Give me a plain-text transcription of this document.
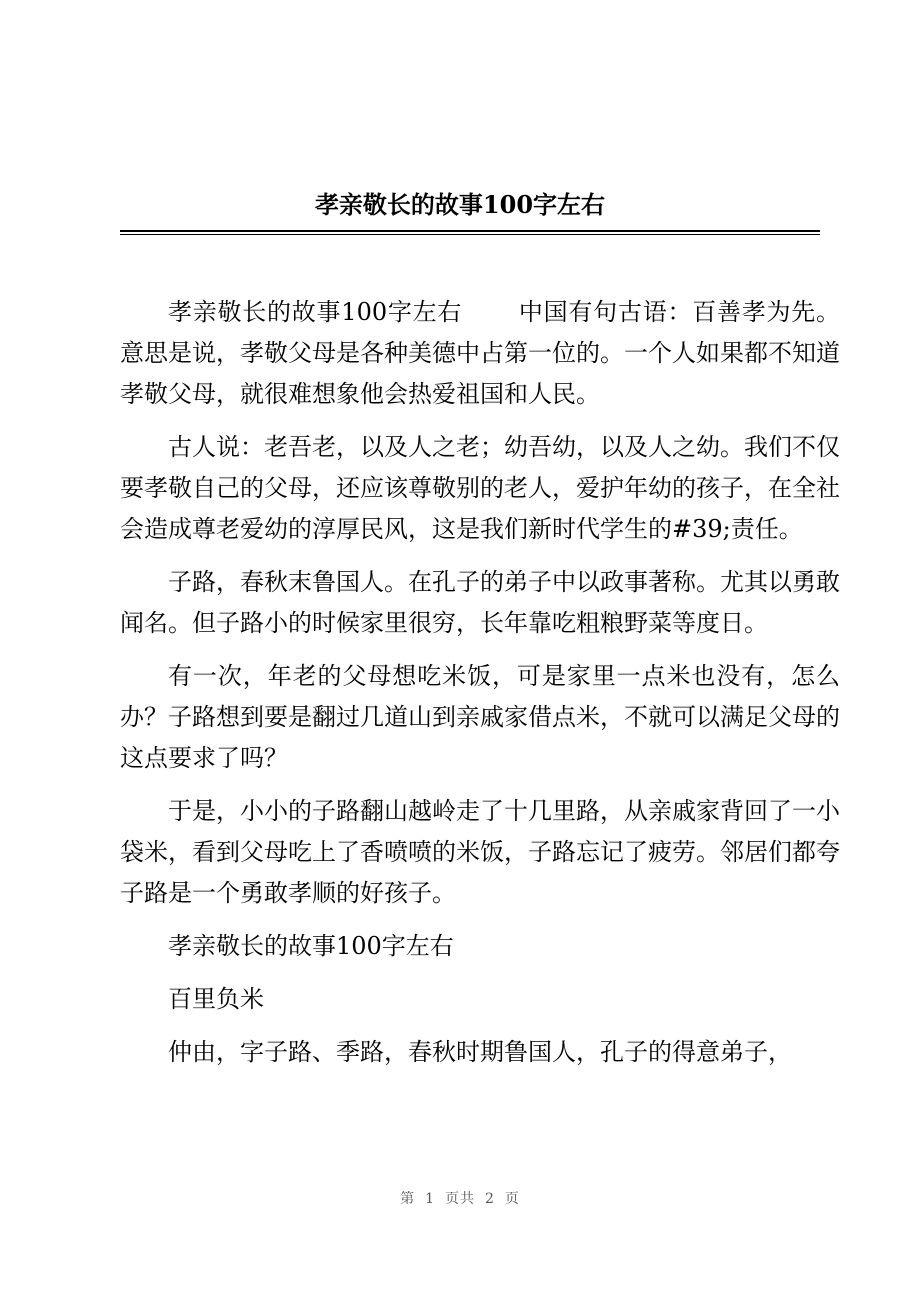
孝亲敬长的故事100字左右

孝亲敬长的故事100字左右 中国有句古语：百善孝为先。意思是说，孝敬父母是各种美德中占第一位的。一个人如果都不知道孝敬父母，就很难想象他会热爱祖国和人民。

古人说：老吾老，以及人之老；幼吾幼，以及人之幼。我们不仅要孝敬自己的父母，还应该尊敬别的老人，爱护年幼的孩子，在全社会造成尊老爱幼的淳厚民风，这是我们新时代学生的#39;责任。

子路，春秋末鲁国人。在孔子的弟子中以政事著称。尤其以勇敢闻名。但子路小的时候家里很穷，长年靠吃粗粮野菜等度日。

有一次，年老的父母想吃米饭，可是家里一点米也没有，怎么办？子路想到要是翻过几道山到亲戚家借点米，不就可以满足父母的这点要求了吗？

于是，小小的子路翻山越岭走了十几里路，从亲戚家背回了一小袋米，看到父母吃上了香喷喷的米饭，子路忘记了疲劳。邻居们都夸子路是一个勇敢孝顺的好孩子。

孝亲敬长的故事100字左右

百里负米

仲由，字子路、季路，春秋时期鲁国人，孔子的得意弟子，

第 1 页共 2 页
